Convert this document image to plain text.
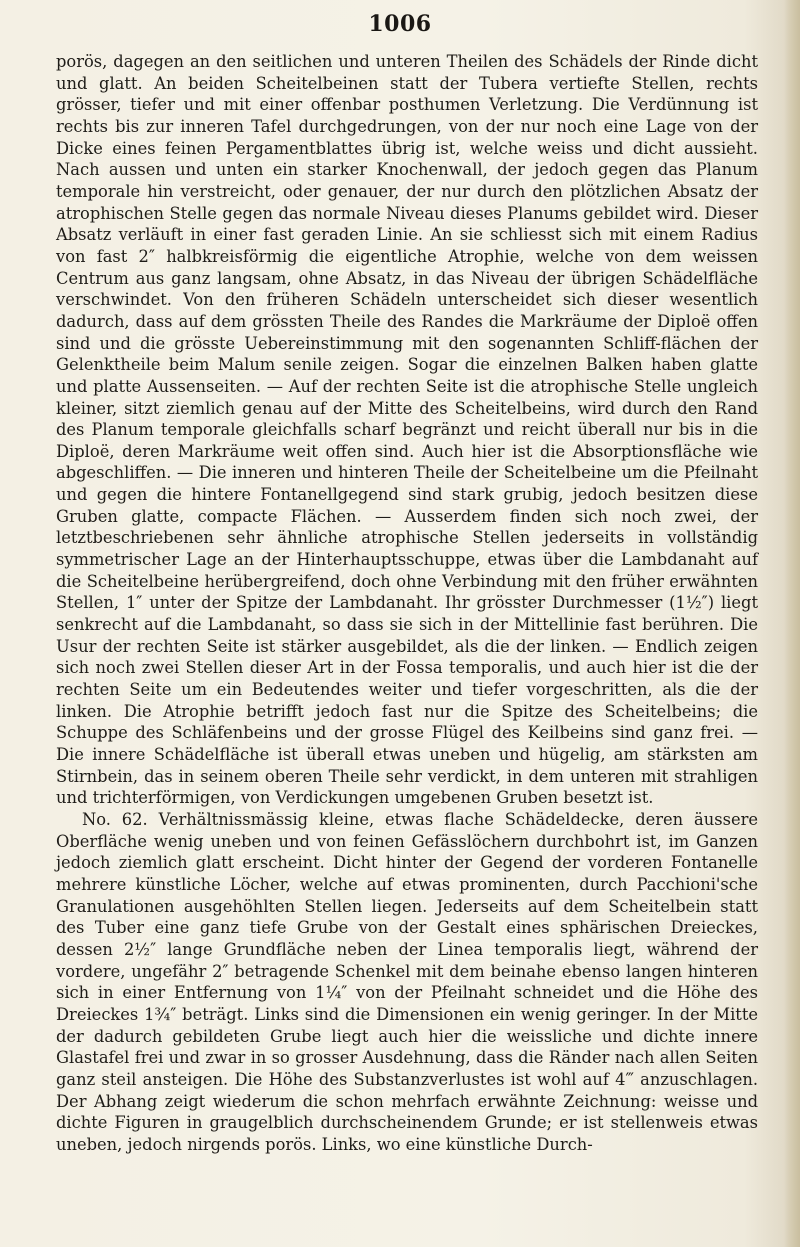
1006

porös, dagegen an den seitlichen und unteren Theilen des Schädels der Rinde dicht und glatt. An beiden Scheitelbeinen statt der Tubera vertiefte Stellen, rechts grösser, tiefer und mit einer offenbar posthumen Verletzung. Die Verdünnung ist rechts bis zur inneren Tafel durchgedrungen, von der nur noch eine Lage von der Dicke eines feinen Pergamentblattes übrig ist, welche weiss und dicht aussieht. Nach aussen und unten ein starker Knochenwall, der jedoch gegen das Planum temporale hin verstreicht, oder genauer, der nur durch den plötzlichen Absatz der atrophischen Stelle gegen das normale Niveau dieses Planums gebildet wird. Dieser Absatz verläuft in einer fast geraden Linie. An sie schliesst sich mit einem Radius von fast 2″ halbkreisförmig die eigentliche Atrophie, welche von dem weissen Centrum aus ganz langsam, ohne Absatz, in das Niveau der übrigen Schädelfläche verschwindet. Von den früheren Schädeln unterscheidet sich dieser wesentlich dadurch, dass auf dem grössten Theile des Randes die Markräume der Diploë offen sind und die grösste Uebereinstimmung mit den sogenannten Schliff-flächen der Gelenktheile beim Malum senile zeigen. Sogar die einzelnen Balken haben glatte und platte Aussenseiten. — Auf der rechten Seite ist die atrophische Stelle ungleich kleiner, sitzt ziemlich genau auf der Mitte des Scheitelbeins, wird durch den Rand des Planum temporale gleichfalls scharf begränzt und reicht überall nur bis in die Diploë, deren Markräume weit offen sind. Auch hier ist die Absorptionsfläche wie abgeschliffen. — Die inneren und hinteren Theile der Scheitelbeine um die Pfeilnaht und gegen die hintere Fontanellgegend sind stark grubig, jedoch besitzen diese Gruben glatte, compacte Flächen. — Ausserdem finden sich noch zwei, der letztbeschriebenen sehr ähnliche atrophische Stellen jederseits in vollständig symmetrischer Lage an der Hinterhauptsschuppe, etwas über die Lambdanaht auf die Scheitelbeine herübergreifend, doch ohne Verbindung mit den früher erwähnten Stellen, 1″ unter der Spitze der Lambdanaht. Ihr grösster Durchmesser (1½″) liegt senkrecht auf die Lambdanaht, so dass sie sich in der Mittellinie fast berühren. Die Usur der rechten Seite ist stärker ausgebildet, als die der linken. — Endlich zeigen sich noch zwei Stellen dieser Art in der Fossa temporalis, und auch hier ist die der rechten Seite um ein Bedeutendes weiter und tiefer vorgeschritten, als die der linken. Die Atrophie betrifft jedoch fast nur die Spitze des Scheitelbeins; die Schuppe des Schläfenbeins und der grosse Flügel des Keilbeins sind ganz frei. — Die innere Schädelfläche ist überall etwas uneben und hügelig, am stärksten am Stirnbein, das in seinem oberen Theile sehr verdickt, in dem unteren mit strahligen und trichterförmigen, von Verdickungen umgebenen Gruben besetzt ist.

No. 62. Verhältnissmässig kleine, etwas flache Schädeldecke, deren äussere Oberfläche wenig uneben und von feinen Gefässlöchern durchbohrt ist, im Ganzen jedoch ziemlich glatt erscheint. Dicht hinter der Gegend der vorderen Fontanelle mehrere künstliche Löcher, welche auf etwas prominenten, durch Pacchioni'sche Granulationen ausgehöhlten Stellen liegen. Jederseits auf dem Scheitelbein statt des Tuber eine ganz tiefe Grube von der Gestalt eines sphärischen Dreieckes, dessen 2½″ lange Grundfläche neben der Linea temporalis liegt, während der vordere, ungefähr 2″ betragende Schenkel mit dem beinahe ebenso langen hinteren sich in einer Entfernung von 1¼″ von der Pfeilnaht schneidet und die Höhe des Dreieckes 1¾″ beträgt. Links sind die Dimensionen ein wenig geringer. In der Mitte der dadurch gebildeten Grube liegt auch hier die weissliche und dichte innere Glastafel frei und zwar in so grosser Ausdehnung, dass die Ränder nach allen Seiten ganz steil ansteigen. Die Höhe des Substanzverlustes ist wohl auf 4‴ anzuschlagen. Der Abhang zeigt wiederum die schon mehrfach erwähnte Zeichnung: weisse und dichte Figuren in graugelblich durchscheinendem Grunde; er ist stellenweis etwas uneben, jedoch nirgends porös. Links, wo eine künstliche Durch-
